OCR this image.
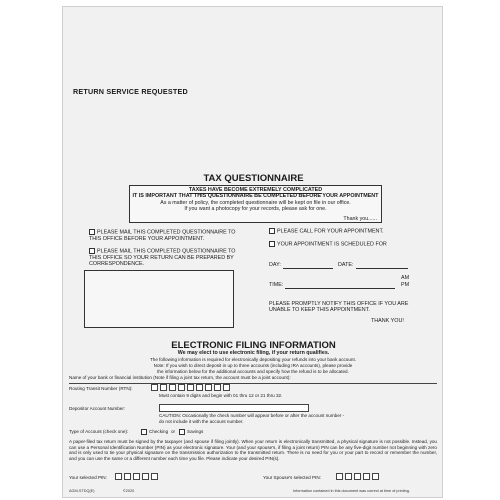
RETURN SERVICE REQUESTED
TAX QUESTIONNAIRE
TAXES HAVE BECOME EXTREMELY COMPLICATED
IT IS IMPORTANT THAT THIS QUESTIONNAIRE BE COMPLETED BEFORE YOUR APPOINTMENT
As a matter of policy, the completed questionnaire will be kept on file in our office.
If you want a photocopy for your records, please ask for one.
Thank you......
PLEASE MAIL THIS COMPLETED QUESTIONNAIRE TO THIS OFFICE BEFORE YOUR APPOINTMENT.
PLEASE MAIL THIS COMPLETED QUESTIONNAIRE TO THIS OFFICE SO YOUR RETURN CAN BE PREPARED BY CORRESPONDENCE.
PLEASE CALL FOR YOUR APPOINTMENT.
YOUR APPOINTMENT IS SCHEDULED FOR
DAY:	DATE:
AM
TIME:	PM
PLEASE PROMPTLY NOTIFY THIS OFFICE IF YOU ARE UNABLE TO KEEP THIS APPOINTMENT.
THANK YOU!
ELECTRONIC FILING INFORMATION
We may elect to use electronic filing, if your return qualifies.
The following information is required for electronically depositing your refunds into your bank account.
Note: If you wish to direct deposit in up to three accounts (including IRA accounts), please provide the information below for the additional accounts and specify how the refund is to be allocated.
Name of your bank or financial institution (Note if filing a joint tax return, the account must be a joint account):
Routing Transit Number (RTN):
Must contain 9 digits and begin with 01 thru 12 or 21 thru 32.
Depositor Account Number:
CAUTION: Occasionally the check number will appear before or after the account number - do not include it with the account number.
Type of Account (check one):	Checking or	Savings
A paper-filed tax return must be signed by the taxpayer (and spouse if filing jointly). When your return is electronically transmitted, a physical signature is not possible. Instead, you can use a Personal Identification Number (PIN) as your electronic signature. Your (and your spouse's, if filing a joint return) PIN can be any five-digit number not beginning with zero and is only used to tie your physical signature on the transmission authorization to the transmitted return. There is no need for you or your part to record or remember the number, and you can use the same or a different number each time you file. Please indicate your desired PIN(s).
Your selected PIN:	Your Spouse's selected PIN:
AGM-STDQ(E)	©2020	Information contained in this document was correct at time of printing.
